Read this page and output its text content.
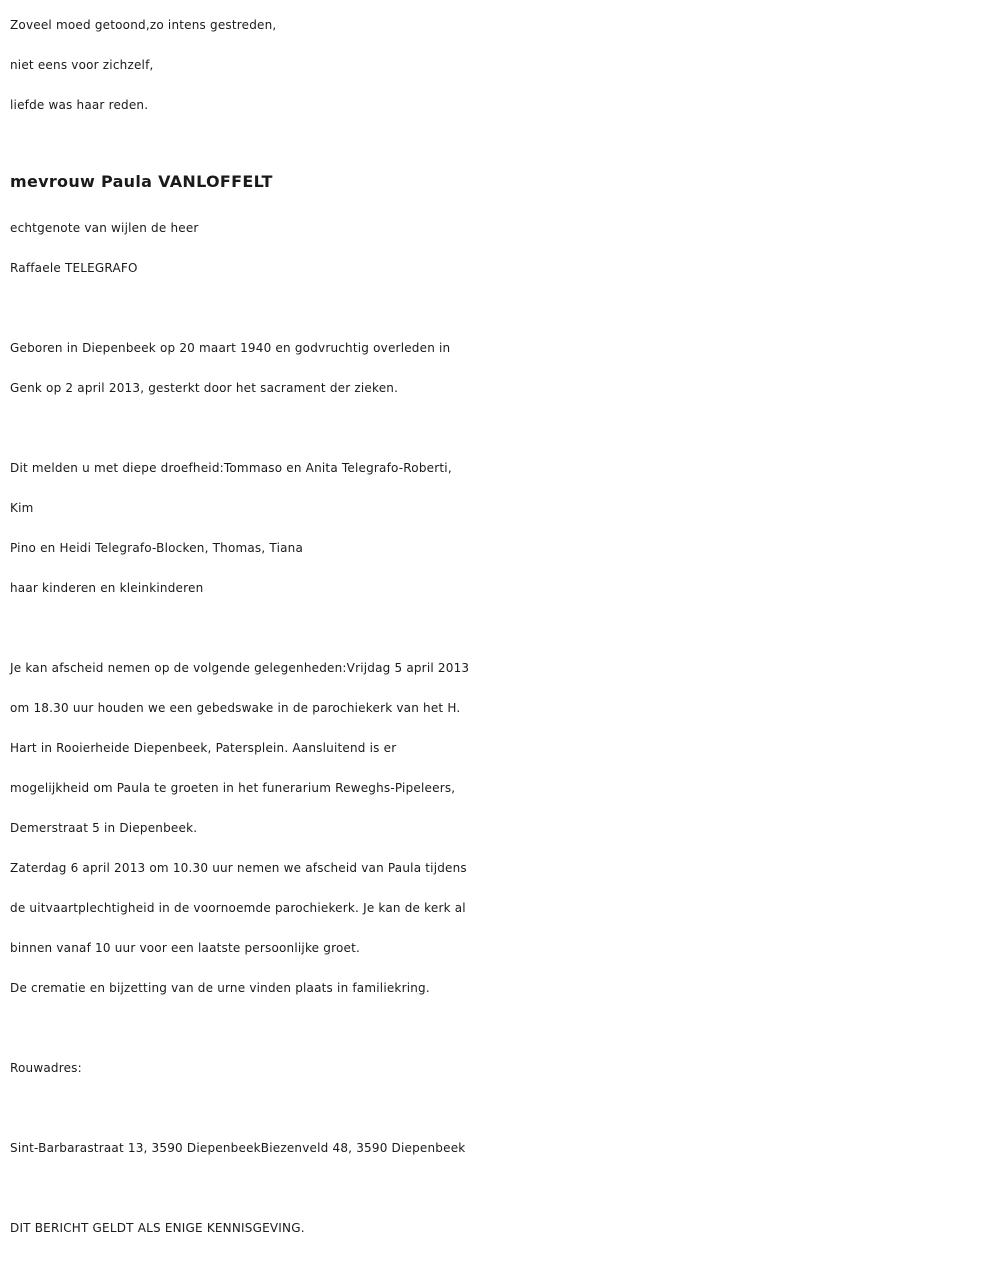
Zoveel moed getoond,zo intens gestreden,
niet eens voor zichzelf,
liefde was haar reden.
mevrouw Paula VANLOFFELT
echtgenote van wijlen de heer
Raffaele TELEGRAFO
Geboren in Diepenbeek op 20 maart 1940 en godvruchtig overleden in
Genk op 2 april 2013, gesterkt door het sacrament der zieken.
Dit melden u met diepe droefheid:Tommaso en Anita Telegrafo-Roberti,
Kim
Pino en Heidi Telegrafo-Blocken, Thomas, Tiana
haar kinderen en kleinkinderen
Je kan afscheid nemen op de volgende gelegenheden:Vrijdag 5 april 2013
om 18.30 uur houden we een gebedswake in de parochiekerk van het H.
Hart in Rooierheide Diepenbeek, Patersplein. Aansluitend is er
mogelijkheid om Paula te groeten in het funerarium Reweghs-Pipeleers,
Demerstraat 5 in Diepenbeek.
Zaterdag 6 april 2013 om 10.30 uur nemen we afscheid van Paula tijdens
de uitvaartplechtigheid in de voornoemde parochiekerk. Je kan de kerk al
binnen vanaf 10 uur voor een laatste persoonlijke groet.
De crematie en bijzetting van de urne vinden plaats in familiekring.
Rouwadres:
Sint-Barbarastraat 13, 3590 DiepenbeekBiezenveld 48, 3590 Diepenbeek
DIT BERICHT GELDT ALS ENIGE KENNISGEVING.
